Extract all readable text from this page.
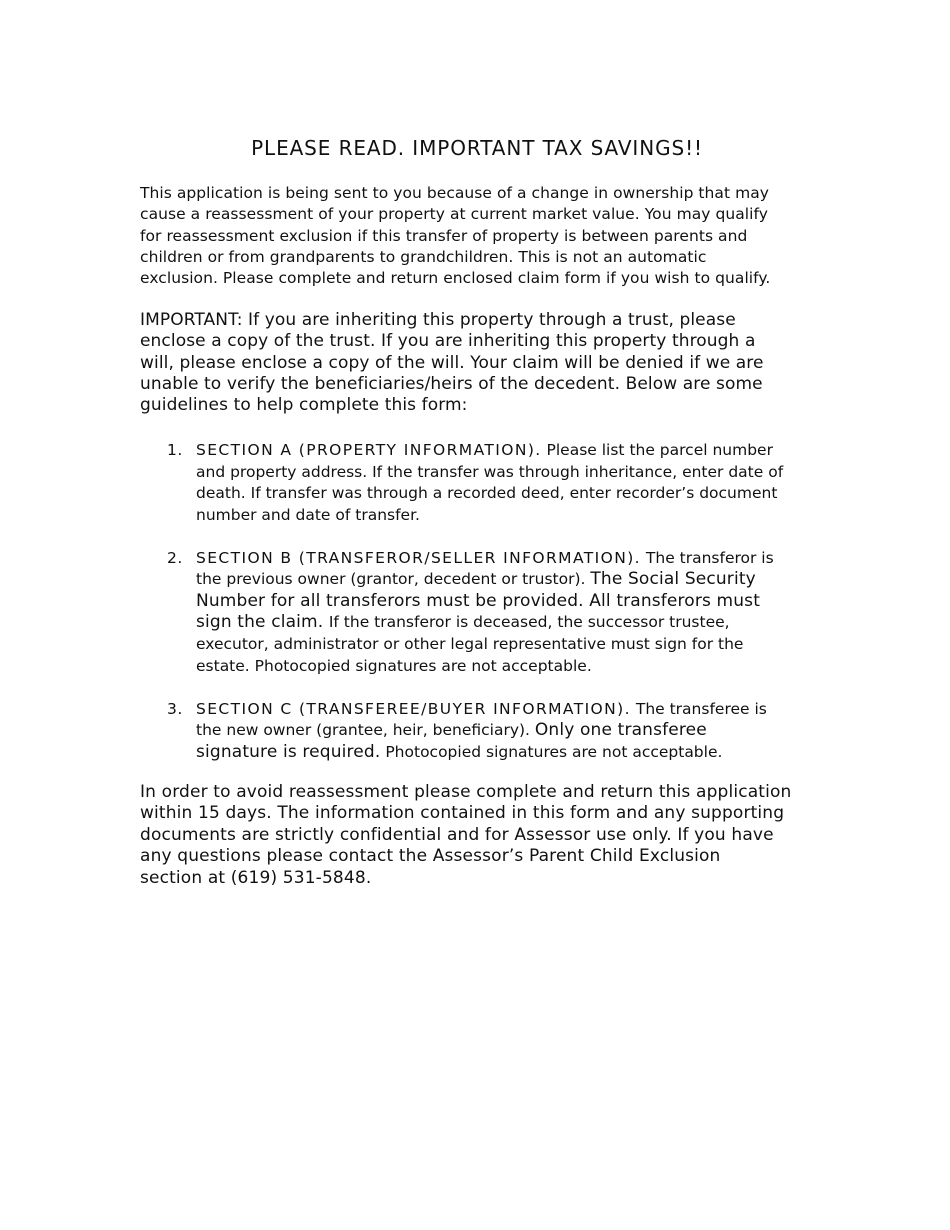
PLEASE READ. IMPORTANT TAX SAVINGS!!
This application is being sent to you because of a change in ownership that may
cause a reassessment of your property at current market value. You may qualify
for reassessment exclusion if this transfer of property is between parents and
children or from grandparents to grandchildren. This is not an automatic
exclusion. Please complete and return enclosed claim form if you wish to qualify.
IMPORTANT: If you are inheriting this property through a trust, please
enclose a copy of the trust. If you are inheriting this property through a
will, please enclose a copy of the will. Your claim will be denied if we are
unable to verify the beneficiaries/heirs of the decedent. Below are some
guidelines to help complete this form:
1. SECTION A (PROPERTY INFORMATION). Please list the parcel number
and property address. If the transfer was through inheritance, enter date of
death. If transfer was through a recorded deed, enter recorder’s document
number and date of transfer.
2. SECTION B (TRANSFEROR/SELLER INFORMATION). The transferor is
the previous owner (grantor, decedent or trustor). The Social Security
Number for all transferors must be provided. All transferors must
sign the claim. If the transferor is deceased, the successor trustee,
executor, administrator or other legal representative must sign for the
estate. Photocopied signatures are not acceptable.
3. SECTION C (TRANSFEREE/BUYER INFORMATION). The transferee is
the new owner (grantee, heir, beneficiary). Only one transferee
signature is required. Photocopied signatures are not acceptable.
In order to avoid reassessment please complete and return this application
within 15 days. The information contained in this form and any supporting
documents are strictly confidential and for Assessor use only. If you have
any questions please contact the Assessor’s Parent Child Exclusion
section at (619) 531-5848.
